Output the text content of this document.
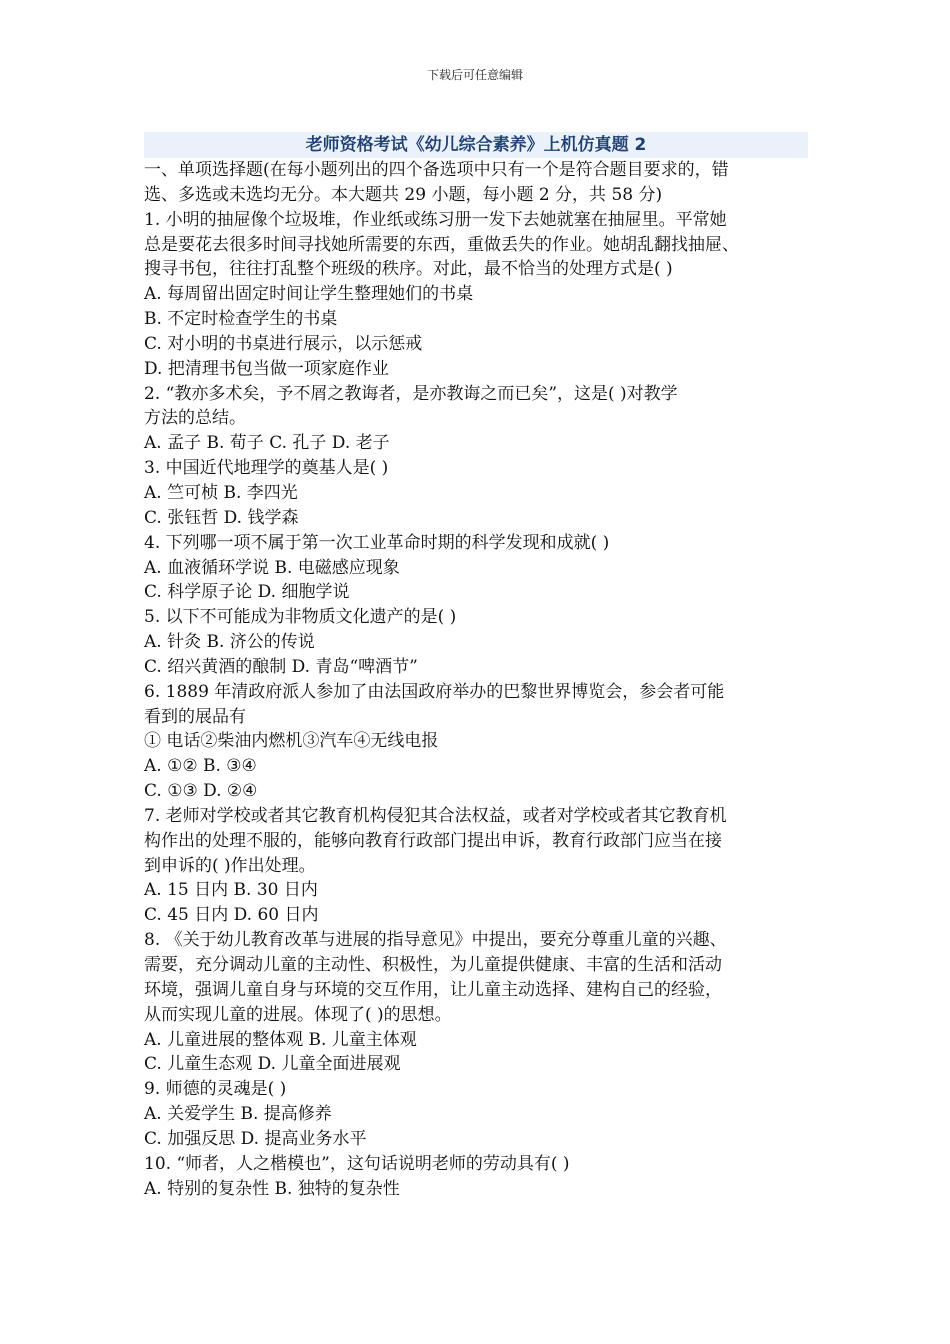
下载后可任意编辑
老师资格考试《幼儿综合素养》上机仿真题 2
一、单项选择题(在每小题列出的四个备选项中只有一个是符合题目要求的，错
选、多选或未选均无分。本大题共 29 小题，每小题 2 分，共 58 分)
1. 小明的抽屉像个垃圾堆，作业纸或练习册一发下去她就塞在抽屉里。平常她
总是要花去很多时间寻找她所需要的东西，重做丢失的作业。她胡乱翻找抽屉、
搜寻书包，往往打乱整个班级的秩序。对此，最不恰当的处理方式是( )
A. 每周留出固定时间让学生整理她们的书桌
B. 不定时检查学生的书桌
C. 对小明的书桌进行展示，以示惩戒
D. 把清理书包当做一项家庭作业
2. “教亦多术矣，予不屑之教诲者，是亦教诲之而已矣”，这是( )对教学
方法的总结。
A. 孟子 B. 荀子 C. 孔子 D. 老子
3. 中国近代地理学的奠基人是( )
A. 竺可桢 B. 李四光
C. 张钰哲 D. 钱学森
4. 下列哪一项不属于第一次工业革命时期的科学发现和成就( )
A. 血液循环学说 B. 电磁感应现象
C. 科学原子论 D. 细胞学说
5. 以下不可能成为非物质文化遗产的是( )
A. 针灸 B. 济公的传说
C. 绍兴黄酒的酿制 D. 青岛“啤酒节”
6. 1889 年清政府派人参加了由法国政府举办的巴黎世界博览会，参会者可能
看到的展品有
① 电话②柴油内燃机③汽车④无线电报
A. ①② B. ③④
C. ①③ D. ②④
7. 老师对学校或者其它教育机构侵犯其合法权益，或者对学校或者其它教育机
构作出的处理不服的，能够向教育行政部门提出申诉，教育行政部门应当在接
到申诉的( )作出处理。
A. 15 日内 B. 30 日内
C. 45 日内 D. 60 日内
8. 《关于幼儿教育改革与进展的指导意见》中提出，要充分尊重儿童的兴趣、
需要，充分调动儿童的主动性、积极性，为儿童提供健康、丰富的生活和活动
环境，强调儿童自身与环境的交互作用，让儿童主动选择、建构自己的经验，
从而实现儿童的进展。体现了( )的思想。
A. 儿童进展的整体观 B. 儿童主体观
C. 儿童生态观 D. 儿童全面进展观
9. 师德的灵魂是( )
A. 关爱学生 B. 提高修养
C. 加强反思 D. 提高业务水平
10. “师者，人之楷模也”，这句话说明老师的劳动具有( )
A. 特别的复杂性 B. 独特的复杂性
